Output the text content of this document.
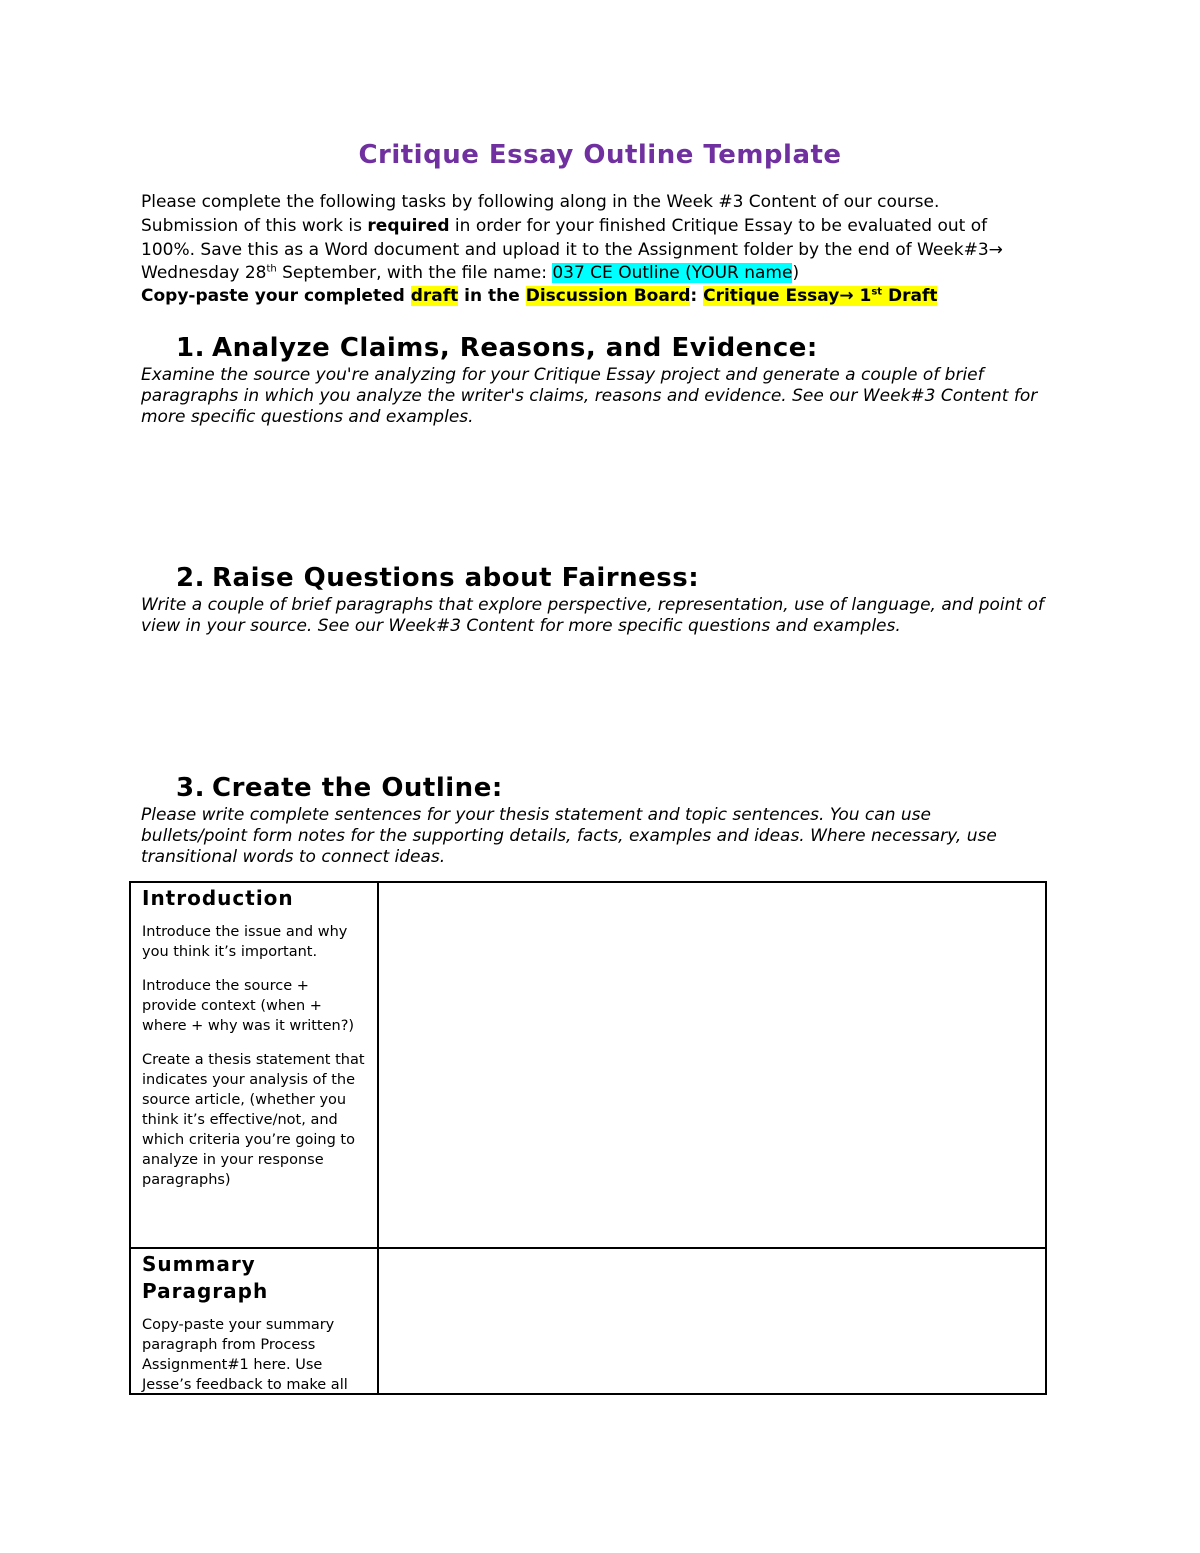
Critique Essay Outline Template

Please complete the following tasks by following along in the Week #3 Content of our course.

Submission of this work is required in order for your finished Critique Essay to be evaluated out of

100%. Save this as a Word document and upload it to the Assignment folder by the end of Week#3→

Wednesday 28th September, with the file name: 037 CE Outline (YOUR name)

Copy-paste your completed draft in the Discussion Board: Critique Essay→ 1st Draft

1. Analyze Claims, Reasons, and Evidence:
Examine the source you're analyzing for your Critique Essay project and generate a couple of brief paragraphs in which you analyze the writer's claims, reasons and evidence. See our Week#3 Content for more specific questions and examples.
2. Raise Questions about Fairness:
Write a couple of brief paragraphs that explore perspective, representation, use of language, and point of view in your source. See our Week#3 Content for more specific questions and examples.
3. Create the Outline:
Please write complete sentences for your thesis statement and topic sentences. You can use bullets/point form notes for the supporting details, facts, examples and ideas. Where necessary, use transitional words to connect ideas.
Introduction

Introduce the issue and why you think it’s important.

Introduce the source + provide context (when + where + why was it written?)

Create a thesis statement that indicates your analysis of the source article, (whether you think it’s effective/not, and which criteria you’re going to analyze in your response paragraphs)

Summary Paragraph

Copy-paste your summary paragraph from Process Assignment#1 here. Use Jesse’s feedback to make all
